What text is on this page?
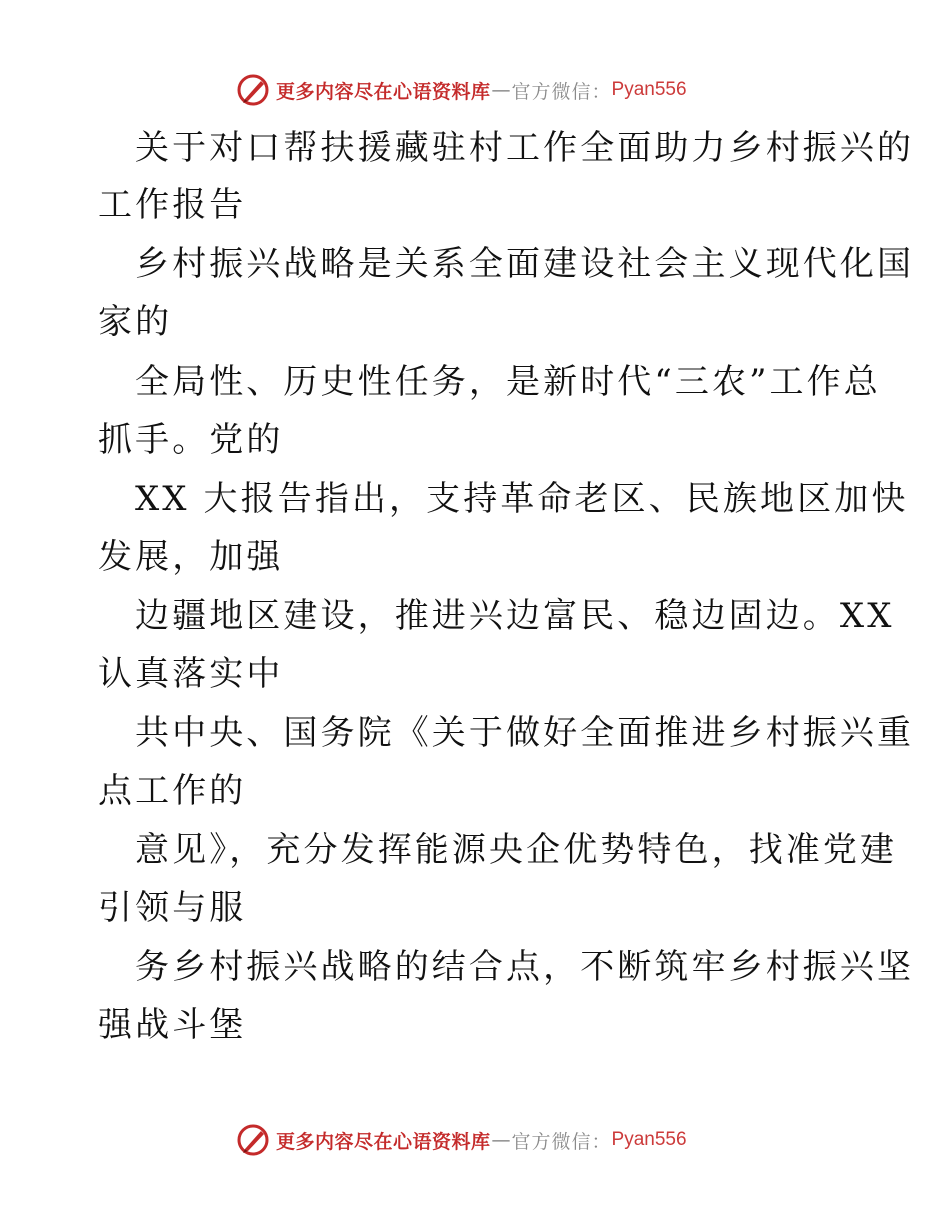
更多内容尽在心语资料库 — 官方微信： Pyan556
关于对口帮扶援藏驻村工作全面助力乡村振兴的
工作报告
乡村振兴战略是关系全面建设社会主义现代化国
家的
全局性、历史性任务，是新时代“三农”工作总
抓手。党的
XX 大报告指出，支持革命老区、民族地区加快
发展，加强
边疆地区建设，推进兴边富民、稳边固边。XX
认真落实中
共中央、国务院《关于做好全面推进乡村振兴重
点工作的
意见》，充分发挥能源央企优势特色，找准党建
引领与服
务乡村振兴战略的结合点，不断筑牢乡村振兴坚
强战斗堡
更多内容尽在心语资料库 — 官方微信： Pyan556
